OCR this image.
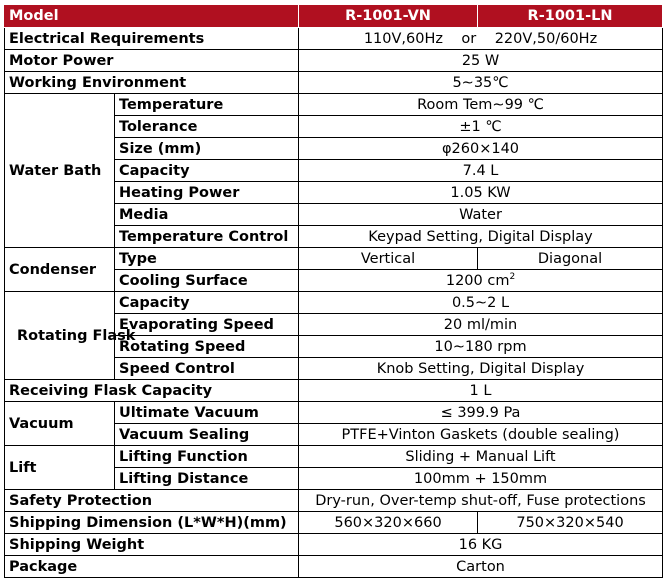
Model		R-1001-VN	R-1001-LN
Electrical Requirements		110V,60Hz    or    220V,50/60Hz	
Motor Power		25 W	
Working Environment		5∼35℃	
Water Bath	Temperature	Room Tem∼99 ℃	
	Tolerance	±1 ℃	
	Size (mm)	φ260×140	
	Capacity	7.4 L	
	Heating Power	1.05 KW	
	Media	Water	
	Temperature Control	Keypad Setting, Digital Display	
Condenser	Type	Vertical	Diagonal
	Cooling Surface	1200 $cm^2$
Rotating Flask	Capacity	0.5∼2 L	
	Evaporating Speed	20 ml/min	
	Rotating Speed	10∼180 rpm	
	Speed Control	Knob Setting, Digital Display	
Receiving Flask Capacity		1 L	
Vacuum	Ultimate Vacuum	≤ 399.9 Pa	
	Vacuum Sealing	PTFE+Vinton Gaskets (double sealing)	
Lift	Lifting Function	Sliding + Manual Lift	
	Lifting Distance	100mm + 150mm	
Safety Protection		Dry-run, Over-temp shut-off, Fuse protections	
Shipping Dimension (L*W*H)(mm)		560×320×660	750×320×540
Shipping Weight		16 KG	
Package		Carton	
